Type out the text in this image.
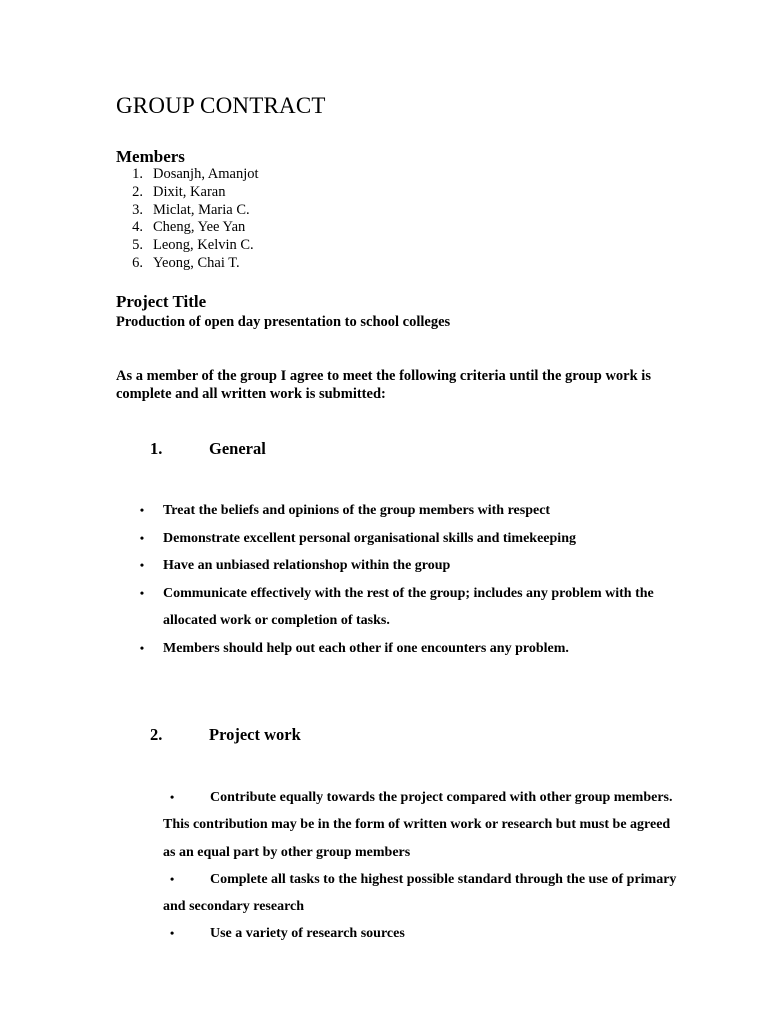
GROUP CONTRACT
Members
1. Dosanjh, Amanjot
2. Dixit, Karan
3. Miclat, Maria C.
4. Cheng, Yee Yan
5. Leong, Kelvin C.
6. Yeong, Chai T.
Project Title

Production of open day presentation to school colleges

As a member of the group I agree to meet the following criteria until the group work is complete and all written work is submitted:

1.	General
• Treat the beliefs and opinions of the group members with respect
• Demonstrate excellent personal organisational skills and timekeeping
• Have an unbiased relationshop within the group
• Communicate effectively with the rest of the group; includes any problem with the allocated work or completion of tasks.
• Members should help out each other if one encounters any problem.
2.	Project work
•	Contribute equally towards the project compared with other group members. This contribution may be in the form of written work or research but must be agreed as an equal part by other group members
•	Complete all tasks to the highest possible standard through the use of primary and secondary research
•	Use a variety of research sources
